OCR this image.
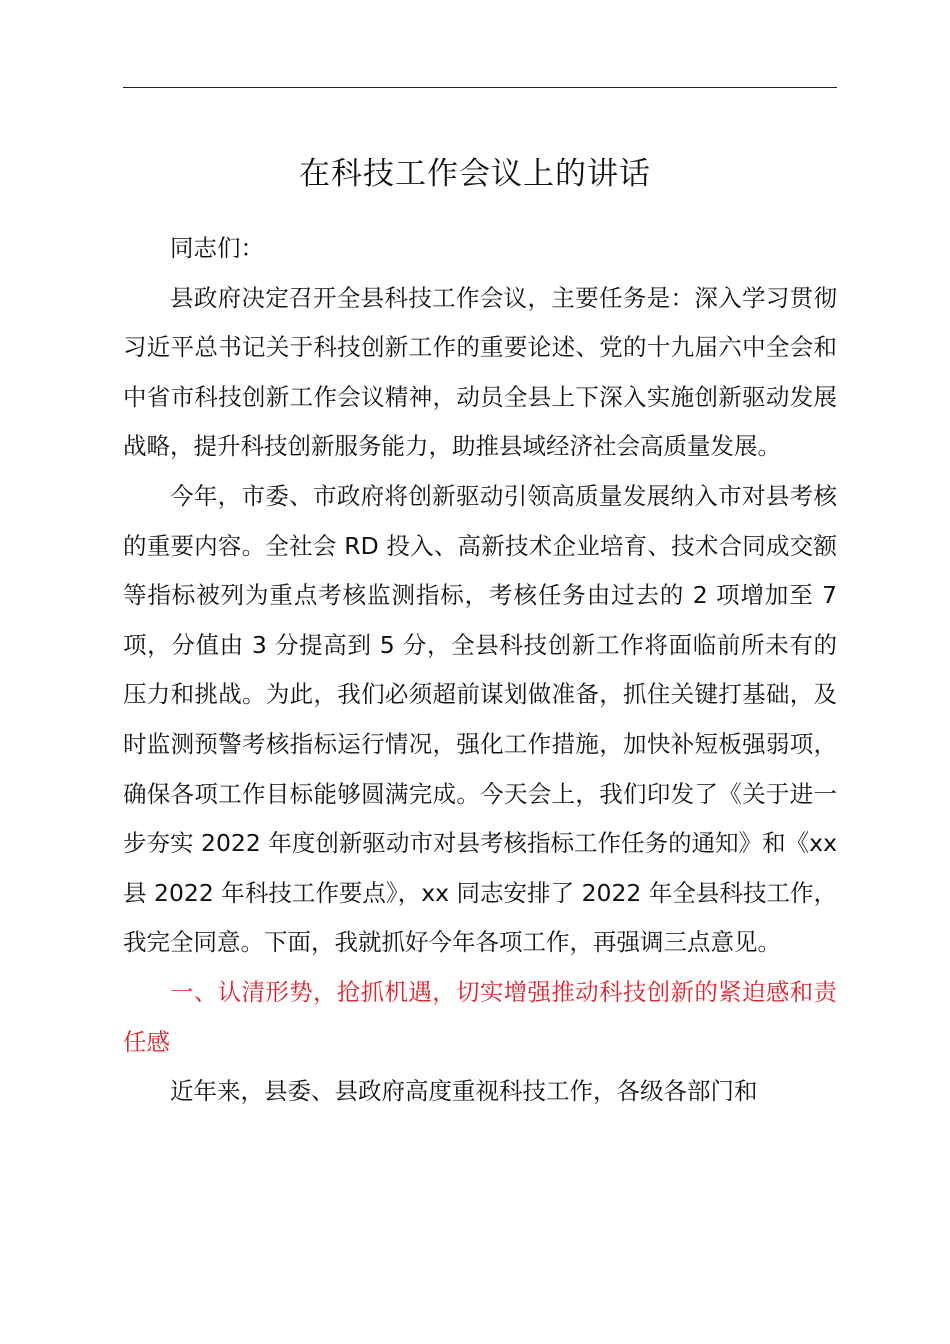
在科技工作会议上的讲话

同志们：

县政府决定召开全县科技工作会议，主要任务是：深入学习贯彻习近平总书记关于科技创新工作的重要论述、党的十九届六中全会和中省市科技创新工作会议精神，动员全县上下深入实施创新驱动发展战略，提升科技创新服务能力，助推县域经济社会高质量发展。

今年，市委、市政府将创新驱动引领高质量发展纳入市对县考核的重要内容。全社会 RD 投入、高新技术企业培育、技术合同成交额等指标被列为重点考核监测指标，考核任务由过去的 2 项增加至 7 项，分值由 3 分提高到 5 分，全县科技创新工作将面临前所未有的压力和挑战。为此，我们必须超前谋划做准备，抓住关键打基础，及时监测预警考核指标运行情况，强化工作措施，加快补短板强弱项，确保各项工作目标能够圆满完成。今天会上，我们印发了《关于进一步夯实 2022 年度创新驱动市对县考核指标工作任务的通知》和《xx 县 2022 年科技工作要点》，xx 同志安排了 2022 年全县科技工作，我完全同意。下面，我就抓好今年各项工作，再强调三点意见。

一、认清形势，抢抓机遇，切实增强推动科技创新的紧迫感和责任感

近年来，县委、县政府高度重视科技工作，各级各部门和
